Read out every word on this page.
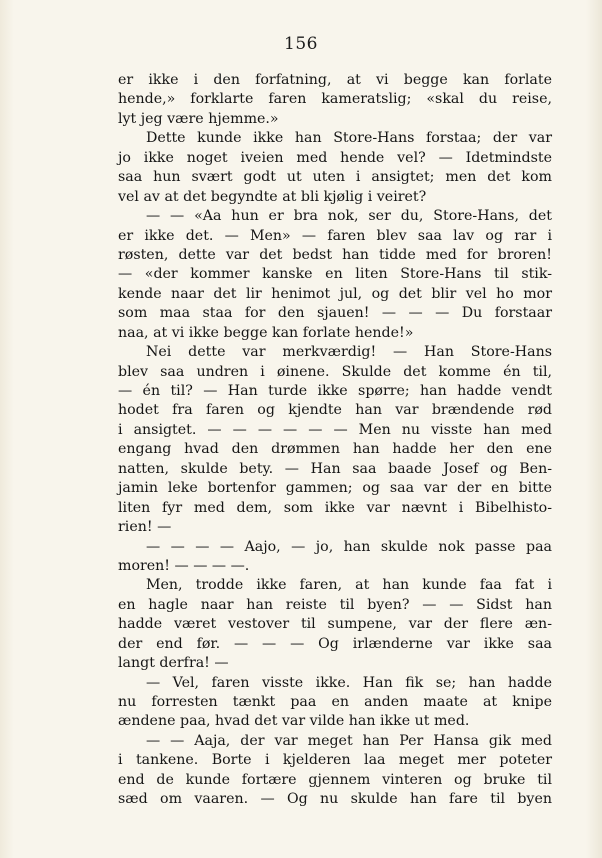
156
er ikke i den forfatning, at vi begge kan forlate
hende,» forklarte faren kameratslig; «skal du reise,
lyt jeg være hjemme.»
Dette kunde ikke han Store-Hans forstaa; der var
jo ikke noget iveien med hende vel? — Idetmindste
saa hun svært godt ut uten i ansigtet; men det kom
vel av at det begyndte at bli kjølig i veiret?
— — «Aa hun er bra nok, ser du, Store-Hans, det
er ikke det. — Men» — faren blev saa lav og rar i
røsten, dette var det bedst han tidde med for broren!
— «der kommer kanske en liten Store-Hans til stik-
kende naar det lir henimot jul, og det blir vel ho mor
som maa staa for den sjauen! — — — Du forstaar
naa, at vi ikke begge kan forlate hende!»
Nei dette var merkværdig! — Han Store-Hans
blev saa undren i øinene. Skulde det komme én til,
— én til? — Han turde ikke spørre; han hadde vendt
hodet fra faren og kjendte han var brændende rød
i ansigtet. — — — — — — Men nu visste han med
engang hvad den drømmen han hadde her den ene
natten, skulde bety. — Han saa baade Josef og Ben-
jamin leke bortenfor gammen; og saa var der en bitte
liten fyr med dem, som ikke var nævnt i Bibelhisto-
rien! —
— — — — Aajo, — jo, han skulde nok passe paa
moren! — — — —.
Men, trodde ikke faren, at han kunde faa fat i
en hagle naar han reiste til byen? — — Sidst han
hadde været vestover til sumpene, var der flere æn-
der end før. — — — Og irlænderne var ikke saa
langt derfra! —
— Vel, faren visste ikke. Han fik se; han hadde
nu forresten tænkt paa en anden maate at knipe
ændene paa, hvad det var vilde han ikke ut med.
— — Aaja, der var meget han Per Hansa gik med
i tankene. Borte i kjelderen laa meget mer poteter
end de kunde fortære gjennem vinteren og bruke til
sæd om vaaren. — Og nu skulde han fare til byen
